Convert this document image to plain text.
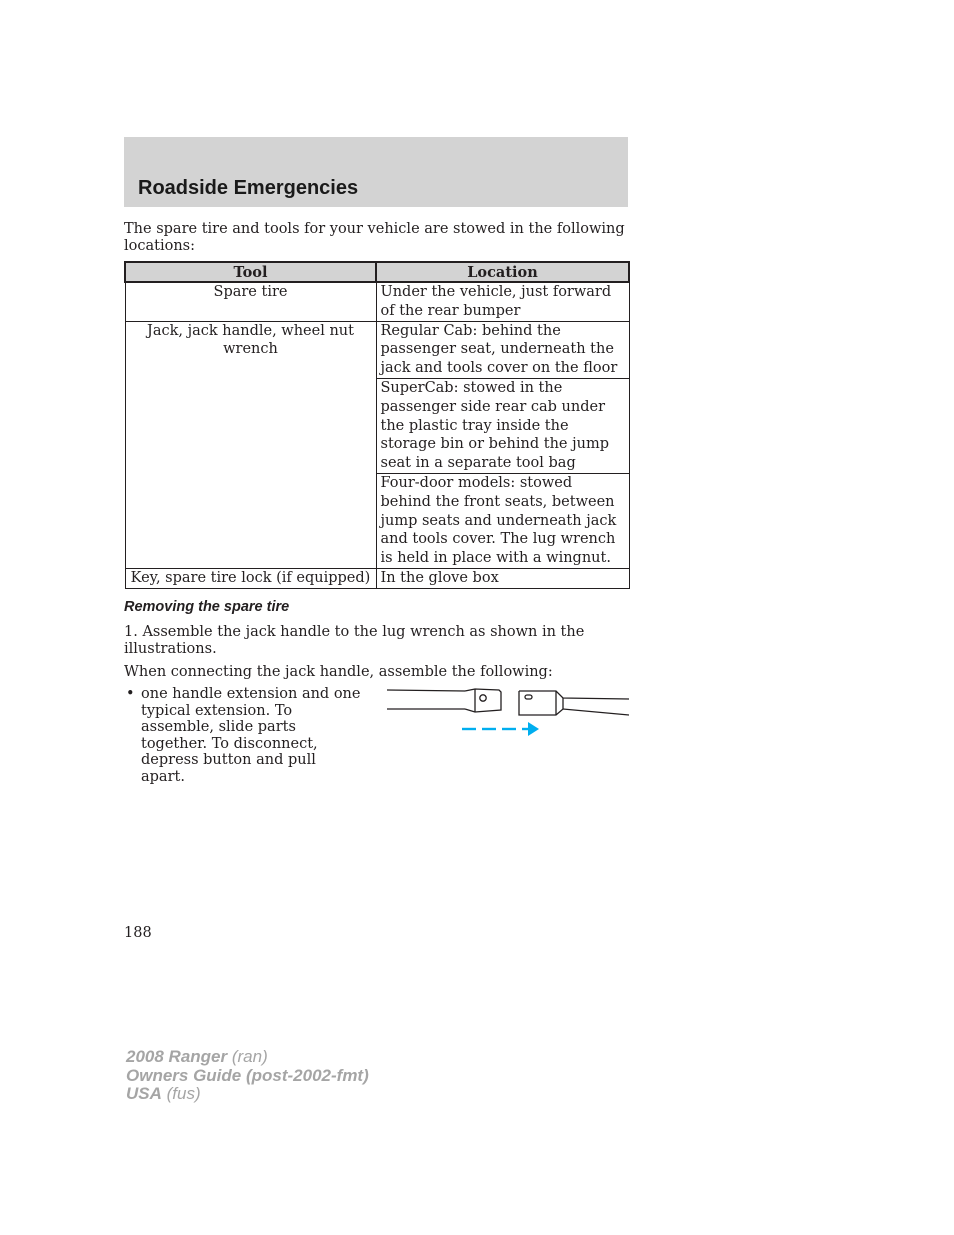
Roadside Emergencies

The spare tire and tools for your vehicle are stowed in the following locations:

Tool	Location
Spare tire	Under the vehicle, just forward of the rear bumper
Jack, jack handle, wheel nut wrench	Regular Cab: behind the passenger seat, underneath the jack and tools cover on the floor
	SuperCab: stowed in the passenger side rear cab under the plastic tray inside the storage bin or behind the jump seat in a separate tool bag
	Four-door models: stowed behind the front seats, between jump seats and underneath jack and tools cover. The lug wrench is held in place with a wingnut.
Key, spare tire lock (if equipped)	In the glove box
Removing the spare tire

1. Assemble the jack handle to the lug wrench as shown in the illustrations.

When connecting the jack handle, assemble the following:

• one handle extension and one typical extension. To assemble, slide parts together. To disconnect, depress button and pull apart.
188
2008 Ranger (ran)
Owners Guide (post-2002-fmt)
USA (fus)
